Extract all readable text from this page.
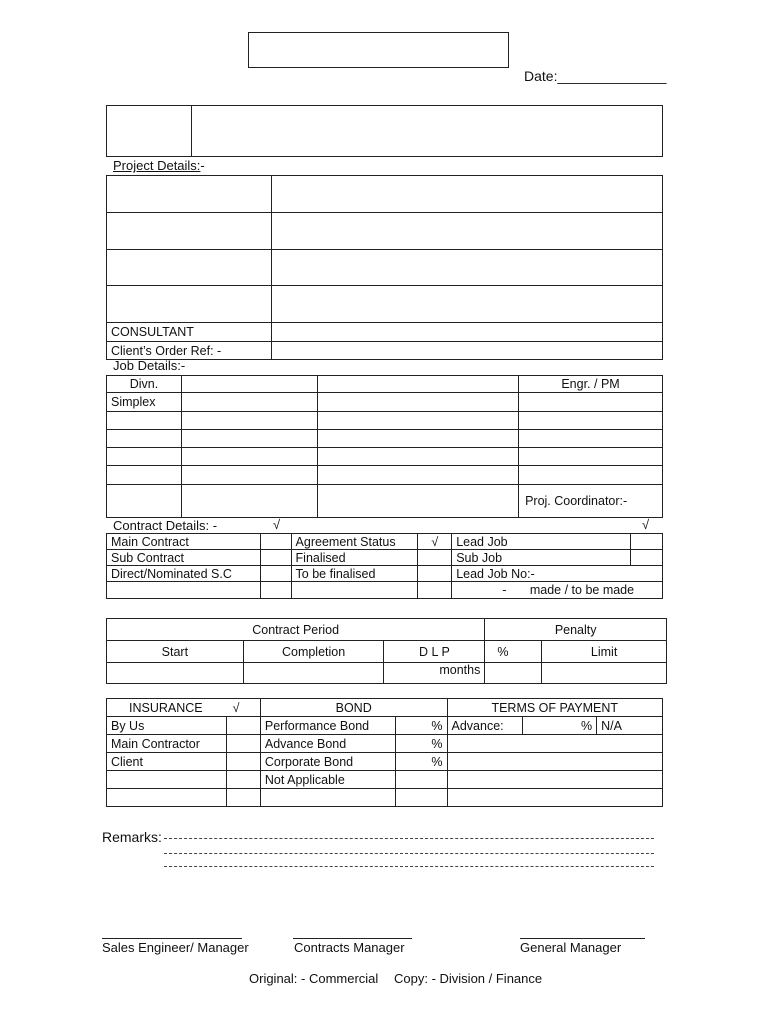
Date:______________
Project Details:-

CONSULTANT	
Client’s Order Ref: -	
Job Details:-
Divn.			Engr. / PM
Simplex			

			Proj. Coordinator:-
Contract Details: -	√	√
Main Contract		Agreement Status	√	Lead Job	
Sub Contract		Finalised		Sub Job	
Direct/Nominated S.C		To be finalised		Lead Job No:-	
				- made / to be made	
Contract Period			Penalty	
Start	Completion	D L P	%	Limit
		months		
INSURANCE √		BOND		TERMS OF PAYMENT		
By Us		Performance Bond	%	Advance:	%	N/A
Main Contractor		Advance Bond	%			
Client		Corporate Bond	%			
		Not Applicable				

Remarks:
Sales Engineer/ Manager	Contracts Manager	General Manager
Original: - Commercial Copy: - Division / Finance
